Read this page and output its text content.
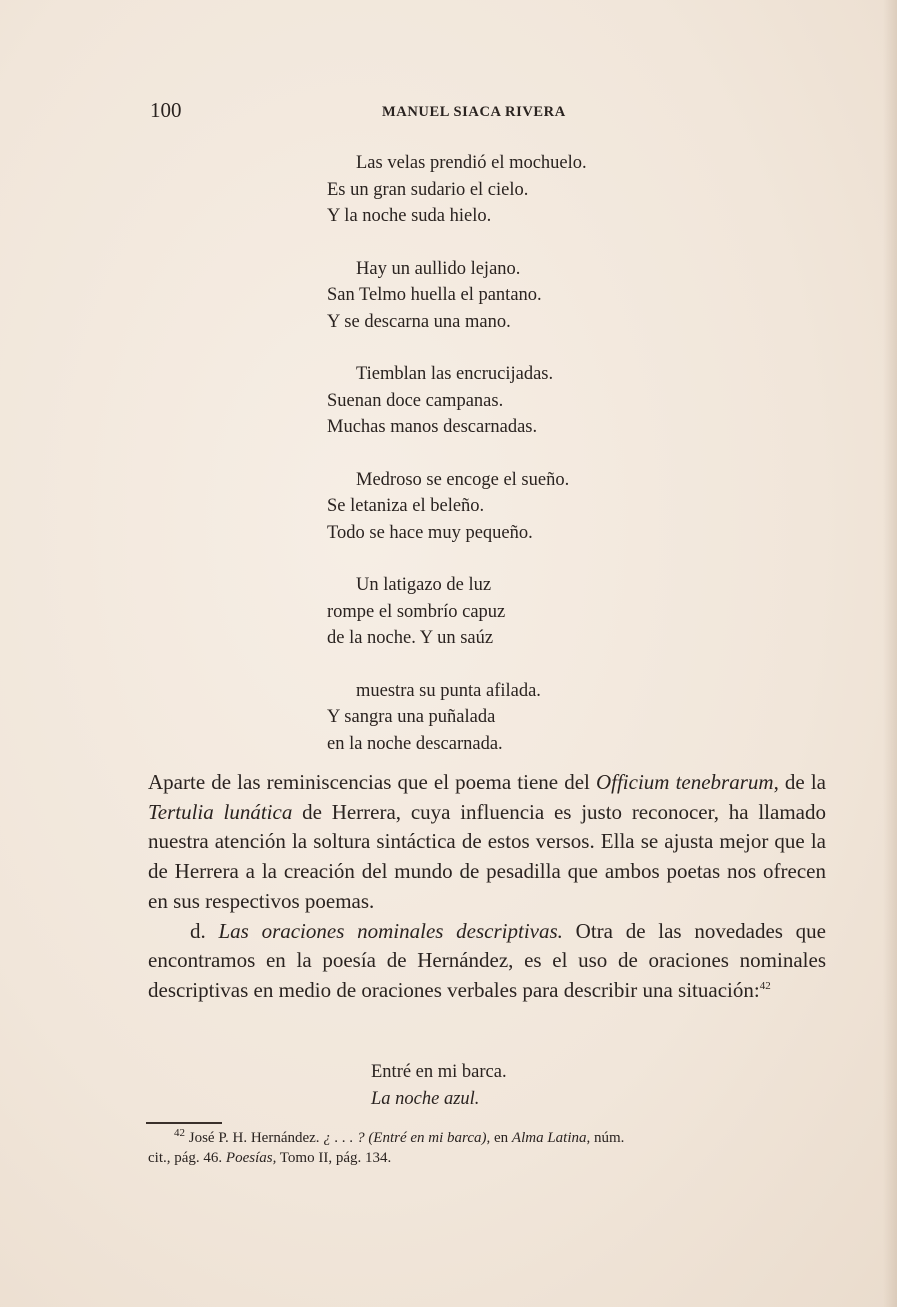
100	MANUEL SIACA RIVERA
Las velas prendió el mochuelo.
Es un gran sudario el cielo.
Y la noche suda hielo.
Hay un aullido lejano.
San Telmo huella el pantano.
Y se descarna una mano.
Tiemblan las encrucijadas.
Suenan doce campanas.
Muchas manos descarnadas.
Medroso se encoge el sueño.
Se letaniza el beleño.
Todo se hace muy pequeño.
Un latigazo de luz
rompe el sombrío capuz
de la noche. Y un saúz
muestra su punta afilada.
Y sangra una puñalada
en la noche descarnada.

Aparte de las reminiscencias que el poema tiene del Officium tenebrarum, de la Tertulia lunática de Herrera, cuya influencia es justo reconocer, ha llamado nuestra atención la soltura sintáctica de estos versos. Ella se ajusta mejor que la de Herrera a la creación del mundo de pesadilla que ambos poetas nos ofrecen en sus respectivos poemas.

d. Las oraciones nominales descriptivas. Otra de las novedades que encontramos en la poesía de Hernández, es el uso de oraciones nominales descriptivas en medio de oraciones verbales para describir una situación:$^{42}$

Entré en mi barca.
La noche azul.
$^{42}$ José P. H. Hernández. ¿ . . . ? (Entré en mi barca), en Alma Latina, núm.
cit., pág. 46. Poesías, Tomo II, pág. 134.
